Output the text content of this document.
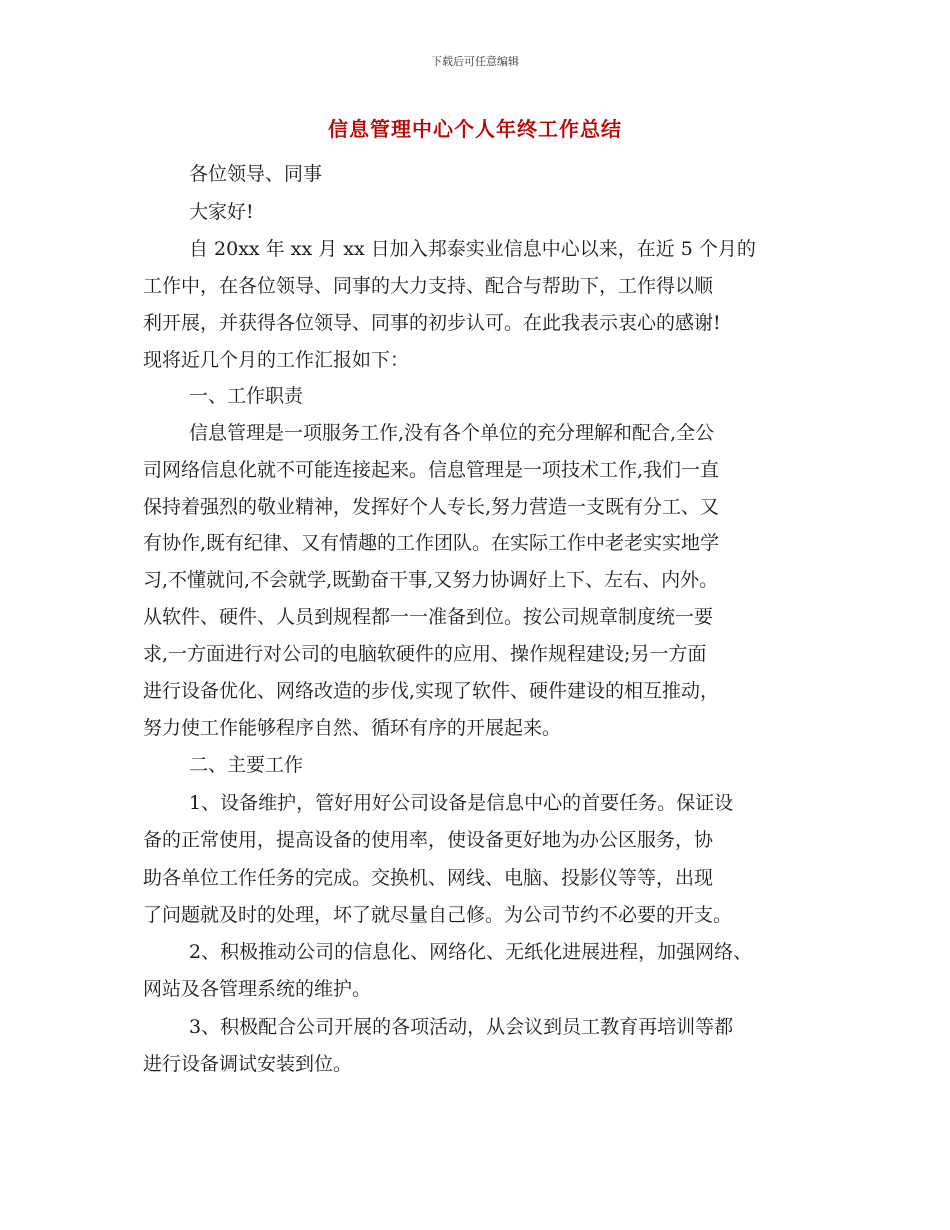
下载后可任意编辑
信息管理中心个人年终工作总结
各位领导、同事
大家好!
自 20xx 年 xx 月 xx 日加入邦泰实业信息中心以来，在近 5 个月的
工作中，在各位领导、同事的大力支持、配合与帮助下，工作得以顺
利开展，并获得各位领导、同事的初步认可。在此我表示衷心的感谢!
现将近几个月的工作汇报如下：
一、工作职责
信息管理是一项服务工作,没有各个单位的充分理解和配合,全公
司网络信息化就不可能连接起来。信息管理是一项技术工作,我们一直
保持着强烈的敬业精神，发挥好个人专长,努力营造一支既有分工、又
有协作,既有纪律、又有情趣的工作团队。在实际工作中老老实实地学
习,不懂就问,不会就学,既勤奋干事,又努力协调好上下、左右、内外。
从软件、硬件、人员到规程都一一准备到位。按公司规章制度统一要
求,一方面进行对公司的电脑软硬件的应用、操作规程建设;另一方面
进行设备优化、网络改造的步伐,实现了软件、硬件建设的相互推动，
努力使工作能够程序自然、循环有序的开展起来。
二、主要工作
1、设备维护，管好用好公司设备是信息中心的首要任务。保证设
备的正常使用，提高设备的使用率，使设备更好地为办公区服务，协
助各单位工作任务的完成。交换机、网线、电脑、投影仪等等，出现
了问题就及时的处理，坏了就尽量自己修。为公司节约不必要的开支。
2、积极推动公司的信息化、网络化、无纸化进展进程，加强网络、
网站及各管理系统的维护。
3、积极配合公司开展的各项活动，从会议到员工教育再培训等都
进行设备调试安装到位。
